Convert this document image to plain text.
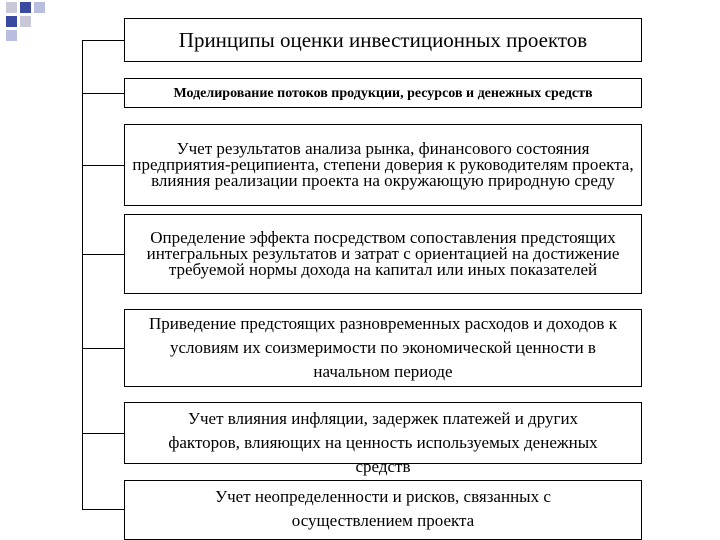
Принципы оценки инвестиционных проектов
Моделирование потоков продукции, ресурсов и денежных средств
Учет результатов анализа рынка, финансового состояния предприятия-реципиента, степени доверия к руководителям проекта, влияния реализации проекта на окружающую природную среду
Определение эффекта посредством сопоставления предстоящих интегральных результатов и затрат с ориентацией на достижение требуемой нормы дохода на капитал или иных показателей
Приведение предстоящих разновременных расходов и доходов к условиям их соизмеримости по экономической ценности в начальном периоде
Учет влияния инфляции, задержек платежей и других факторов, влияющих на ценность используемых денежных средств
Учет неопределенности и рисков, связанных с осуществлением проекта
